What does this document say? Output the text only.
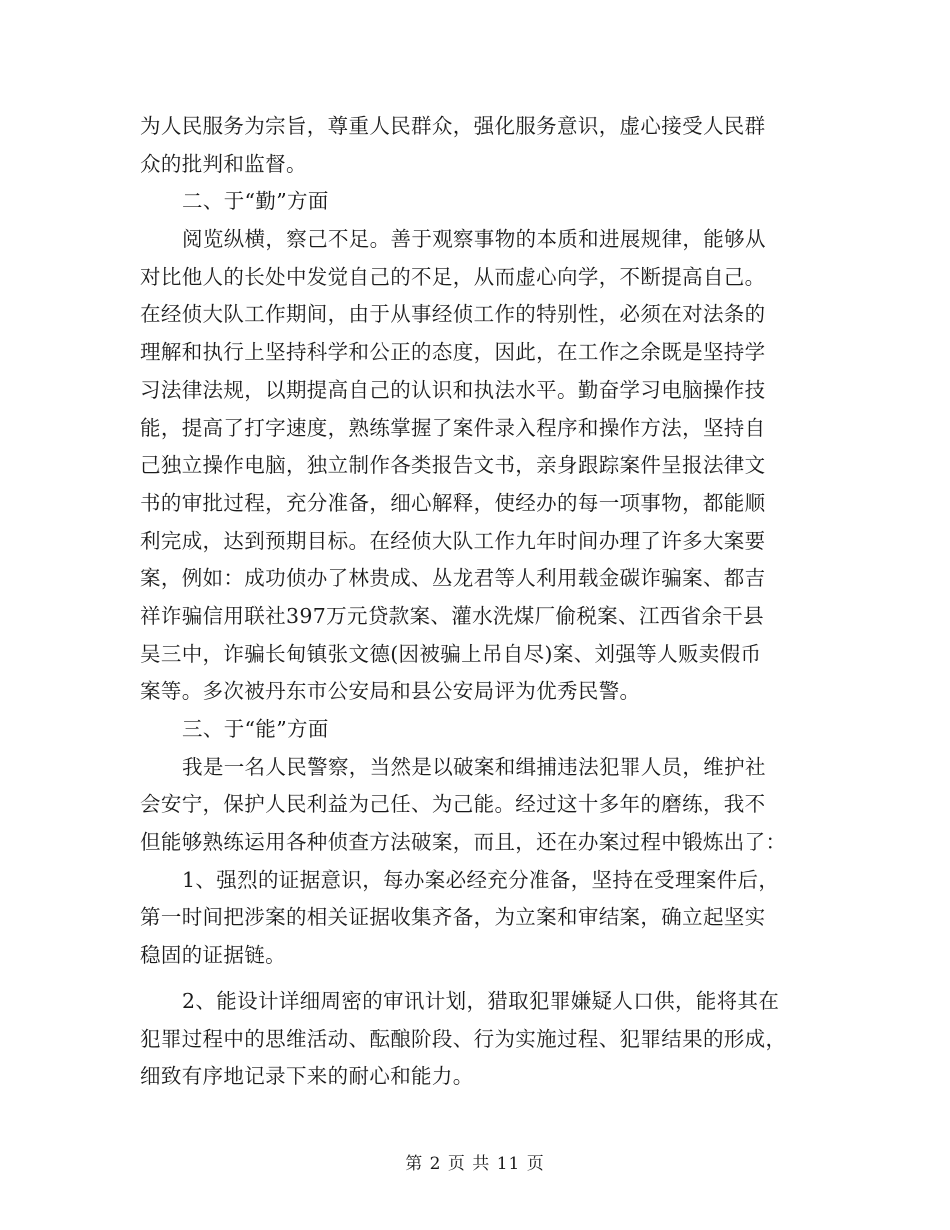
为人民服务为宗旨，尊重人民群众，强化服务意识，虚心接受人民群
众的批判和监督。
二、于“勤”方面
阅览纵横，察己不足。善于观察事物的本质和进展规律，能够从
对比他人的长处中发觉自己的不足，从而虚心向学，不断提高自己。
在经侦大队工作期间，由于从事经侦工作的特别性，必须在对法条的
理解和执行上坚持科学和公正的态度，因此，在工作之余既是坚持学
习法律法规，以期提高自己的认识和执法水平。勤奋学习电脑操作技
能，提高了打字速度，熟练掌握了案件录入程序和操作方法，坚持自
己独立操作电脑，独立制作各类报告文书，亲身跟踪案件呈报法律文
书的审批过程，充分准备，细心解释，使经办的每一项事物，都能顺
利完成，达到预期目标。在经侦大队工作九年时间办理了许多大案要
案，例如：成功侦办了林贵成、丛龙君等人利用载金碳诈骗案、都吉
祥诈骗信用联社397万元贷款案、灌水洗煤厂偷税案、江西省余干县
吴三中，诈骗长甸镇张文德(因被骗上吊自尽)案、刘强等人贩卖假币
案等。多次被丹东市公安局和县公安局评为优秀民警。
三、于“能”方面
我是一名人民警察，当然是以破案和缉捕违法犯罪人员，维护社
会安宁，保护人民利益为己任、为己能。经过这十多年的磨练，我不
但能够熟练运用各种侦查方法破案，而且，还在办案过程中锻炼出了：
1、强烈的证据意识，每办案必经充分准备，坚持在受理案件后，
第一时间把涉案的相关证据收集齐备，为立案和审结案，确立起坚实
稳固的证据链。
2、能设计详细周密的审讯计划，猎取犯罪嫌疑人口供，能将其在
犯罪过程中的思维活动、酝酿阶段、行为实施过程、犯罪结果的形成，
细致有序地记录下来的耐心和能力。
第 2 页 共 11 页
